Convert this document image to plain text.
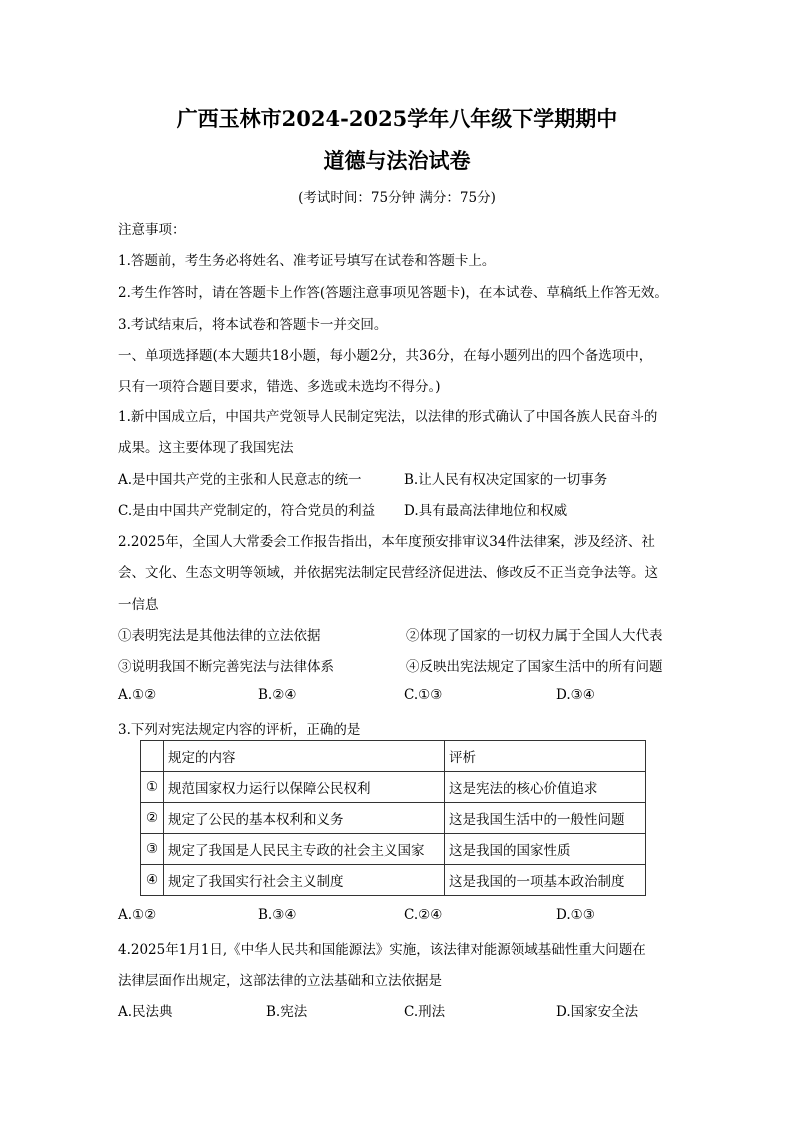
广西玉林市2024-2025学年八年级下学期期中
道德与法治试卷
(考试时间：75分钟 满分：75分)
注意事项：
1.答题前，考生务必将姓名、准考证号填写在试卷和答题卡上。
2.考生作答时，请在答题卡上作答(答题注意事项见答题卡)，在本试卷、草稿纸上作答无效。
3.考试结束后，将本试卷和答题卡一并交回。
一、单项选择题(本大题共18小题，每小题2分，共36分，在每小题列出的四个备选项中，
只有一项符合题目要求，错选、多选或未选均不得分。)
1.新中国成立后，中国共产党领导人民制定宪法，以法律的形式确认了中国各族人民奋斗的
成果。这主要体现了我国宪法
A.是中国共产党的主张和人民意志的统一	B.让人民有权决定国家的一切事务
C.是由中国共产党制定的，符合党员的利益 D.具有最高法律地位和权威
2.2025年，全国人大常委会工作报告指出，本年度预安排审议34件法律案，涉及经济、社
会、文化、生态文明等领域，并依据宪法制定民营经济促进法、修改反不正当竞争法等。这
一信息
①表明宪法是其他法律的立法依据	②体现了国家的一切权力属于全国人大代表
③说明我国不断完善宪法与法律体系	④反映出宪法规定了国家生活中的所有问题
A.①②	B.②④	C.①③	D.③④
3.下列对宪法规定内容的评析，正确的是
	规定的内容	评析
①	规范国家权力运行以保障公民权利	这是宪法的核心价值追求
②	规定了公民的基本权利和义务	这是我国生活中的一般性问题
③	规定了我国是人民民主专政的社会主义国家	这是我国的国家性质
④	规定了我国实行社会主义制度	这是我国的一项基本政治制度
A.①②	B.③④	C.②④	D.①③
4.2025年1月1日,《中华人民共和国能源法》实施，该法律对能源领域基础性重大问题在
法律层面作出规定，这部法律的立法基础和立法依据是
A.民法典	B.宪法	C.刑法	D.国家安全法
